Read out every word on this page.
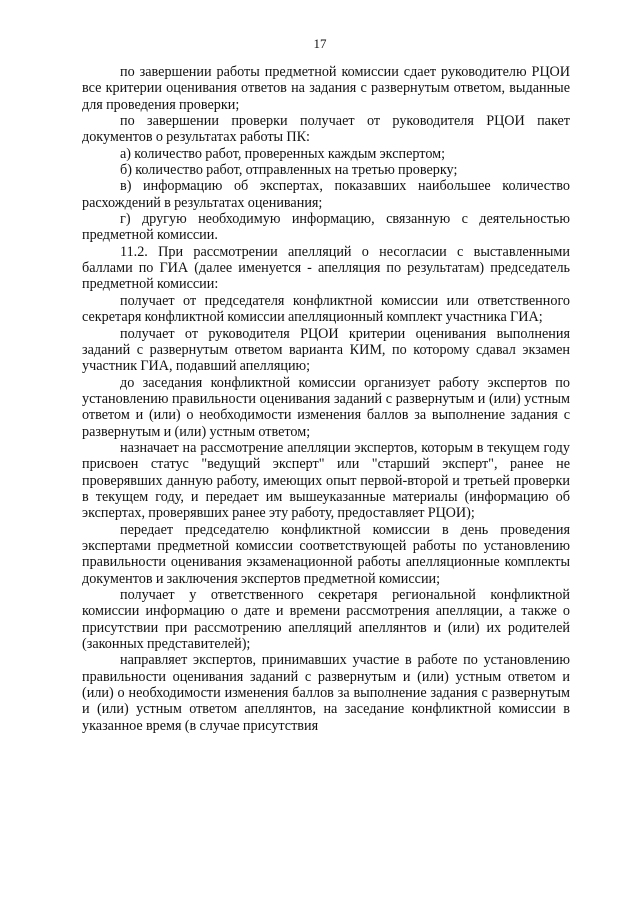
17

по завершении работы предметной комиссии сдает руководителю РЦОИ все критерии оценивания ответов на задания с развернутым ответом, выданные для проведения проверки;

по завершении проверки получает от руководителя РЦОИ пакет документов о результатах работы ПК:

а) количество работ, проверенных каждым экспертом;

б) количество работ, отправленных на третью проверку;

в) информацию об экспертах, показавших наибольшее количество расхождений в результатах оценивания;

г) другую необходимую информацию, связанную с деятельностью предметной комиссии.

11.2. При рассмотрении апелляций о несогласии с выставленными баллами по ГИА (далее именуется - апелляция по результатам) председатель предметной комиссии:

получает от председателя конфликтной комиссии или ответственного секретаря конфликтной комиссии апелляционный комплект участника ГИА;

получает от руководителя РЦОИ критерии оценивания выполнения заданий с развернутым ответом варианта КИМ, по которому сдавал экзамен участник ГИА, подавший апелляцию;

до заседания конфликтной комиссии организует работу экспертов по установлению правильности оценивания заданий с развернутым и (или) устным ответом и (или) о необходимости изменения баллов за выполнение задания с развернутым и (или) устным ответом;

назначает на рассмотрение апелляции экспертов, которым в текущем году присвоен статус "ведущий эксперт" или "старший эксперт", ранее не проверявших данную работу, имеющих опыт первой-второй и третьей проверки в текущем году, и передает им вышеуказанные материалы (информацию об экспертах, проверявших ранее эту работу, предоставляет РЦОИ);

передает председателю конфликтной комиссии в день проведения экспертами предметной комиссии соответствующей работы по установлению правильности оценивания экзаменационной работы апелляционные комплекты документов и заключения экспертов предметной комиссии;

получает у ответственного секретаря региональной конфликтной комиссии информацию о дате и времени рассмотрения апелляции, а также о присутствии при рассмотрению апелляций апеллянтов и (или) их родителей (законных представителей);

направляет экспертов, принимавших участие в работе по установлению правильности оценивания заданий с развернутым и (или) устным ответом и (или) о необходимости изменения баллов за выполнение задания с развернутым и (или) устным ответом апеллянтов, на заседание конфликтной комиссии в указанное время (в случае присутствия
